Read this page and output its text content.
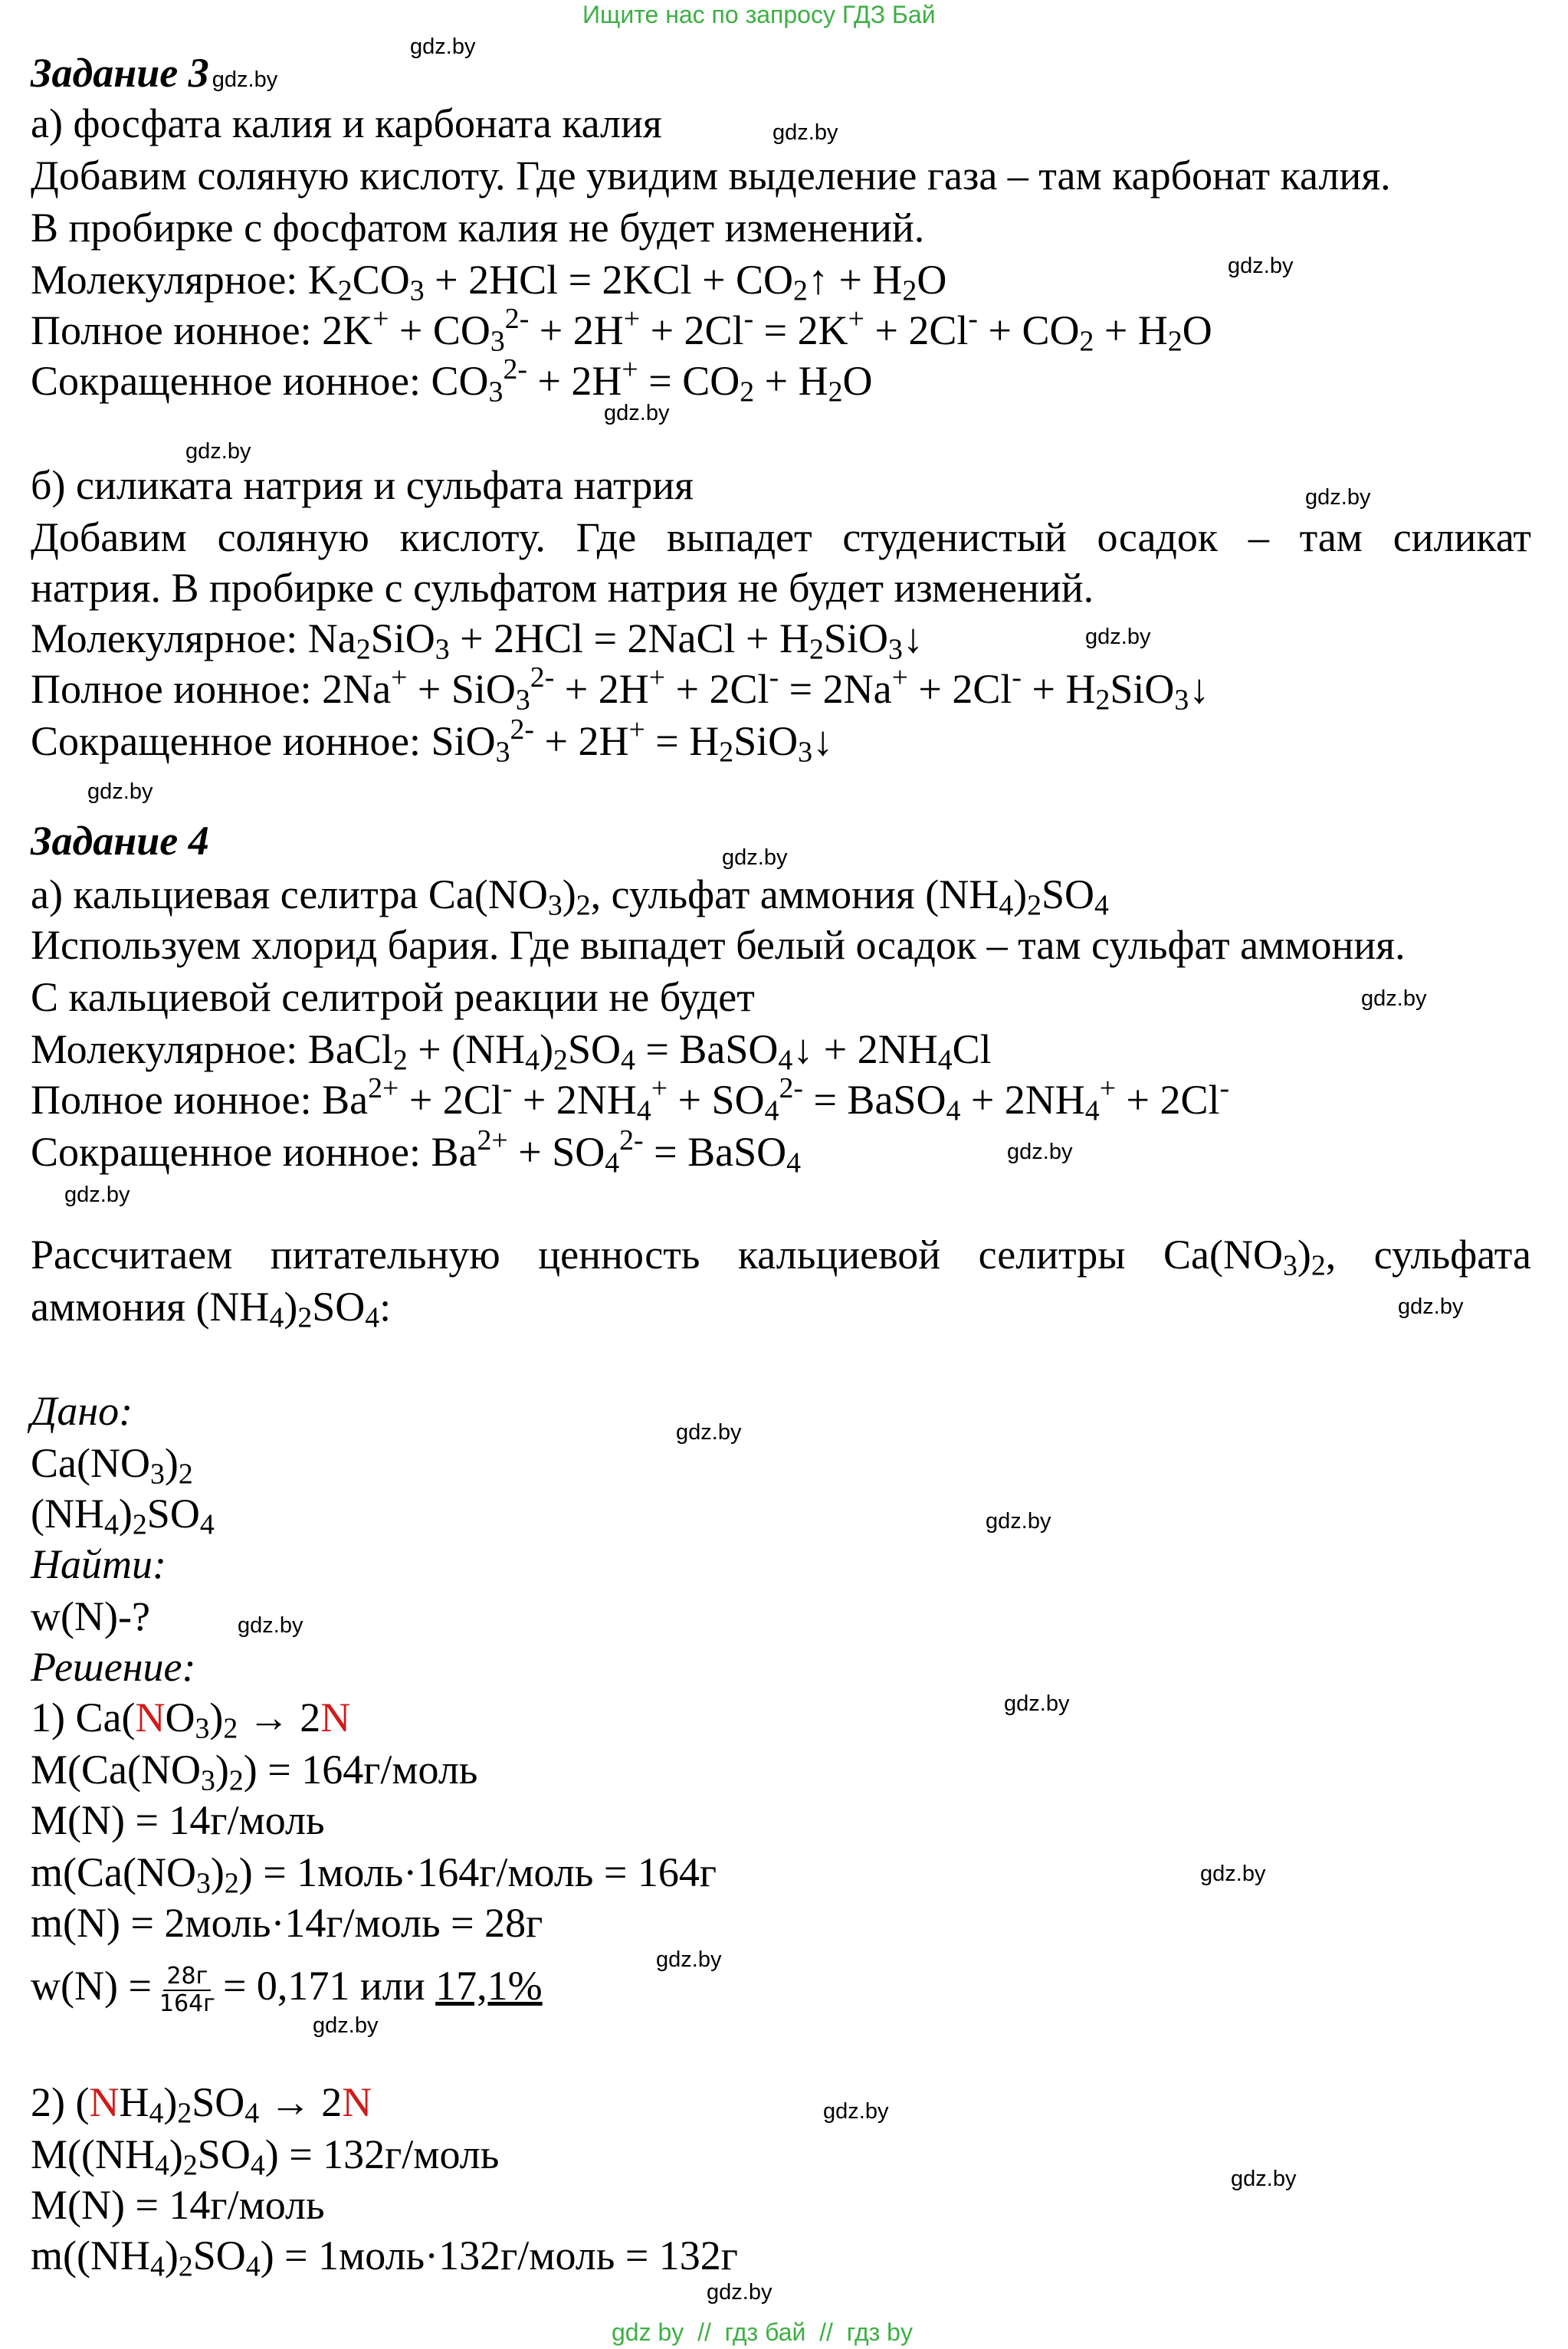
Ищите нас по запросу ГДЗ Бай
gdz by  //  гдз бай  //  гдз by
gdz.by
gdz.by
gdz.by
gdz.by
gdz.by
gdz.by
gdz.by
gdz.by
gdz.by
gdz.by
gdz.by
gdz.by
gdz.by
gdz.by
gdz.by
gdz.by
gdz.by
gdz.by
gdz.by
gdz.by
gdz.by
gdz.by
gdz.by
Задание 3 gdz.by
а) фосфата калия и карбоната калия
Добавим соляную кислоту. Где увидим выделение газа – там карбонат калия.
В пробирке с фосфатом калия не будет изменений.
Молекулярное: $K_2CO_3 + 2HCl = 2KCl$ + $CO_2↑ + H_2O$
Полное ионное: $2K^+ + CO_3^{2-} + 2H^+ + 2Cl^- = 2K^+ + 2Cl^- + CO_2 + H_2O$
Сокращенное ионное: $CO_3^{2-} + 2H^+ = CO_2 + H_2O$
б) силиката натрия и сульфата натрия
Добавим соляную кислоту. Где выпадет студенистый осадок – там силикат
натрия. В пробирке с сульфатом натрия не будет изменений.
Молекулярное: $Na_2SiO_3 + 2HCl$ = 2NaCl + $H_2SiO_3↓$
Полное ионное: $2Na^+ + SiO_3^{2-} + 2H^+ + 2Cl^- = 2Na^+ + 2Cl^- + H_2SiO_3↓$
Сокращенное ионное: $SiO_3^{2-} + 2H^+ = H_2SiO_3↓$
Задание 4
а) кальциевая селитра $Ca(NO_3)_2$, сульфат аммония $(NH_4)_2SO_4$
Используем хлорид бария. Где выпадет белый осадок – там сульфат аммония.
С кальциевой селитрой реакции не будет
Молекулярное: BaCl$_2$ + $(NH_4)_2SO_4$ = BaSO$_4$↓ + $2NH_4Cl$
Полное ионное: $Ba^{2+} + 2Cl^- + 2NH_4^+ + SO_4^{2-}$ = BaSO$_4$ + $2NH_4^+ + 2Cl^-$
Сокращенное ионное: $Ba^{2+} + SO_4^{2-}$ = BaSO$_4$
Рассчитаем питательную ценность кальциевой селитры $Ca(NO_3)_2$, сульфата
аммония $(NH_4)_2SO_4$:
Дано:
$Ca(NO_3)_2$
$(NH_4)_2SO_4$
Найти:
w(N)-?
Решение:
1) $Ca(NO_3)_2 \to 2N$
$M(Ca(NO_3)_2)$ = 164г/моль
M(N) = 14г/моль
$m(Ca(NO_3)_2)$ = 1моль·164г/моль = 164г
m(N) = 2моль·14г/моль = 28г
$w(N) = \frac{28г}{164г} = 0,171$ или 17,1%
2) $(NH_4)_2SO_4 \to 2N$
$M((NH_4)_2SO_4)$ = 132г/моль
M(N) = 14г/моль
$m((NH_4)_2SO_4)$ = 1моль·132г/моль = 132г
